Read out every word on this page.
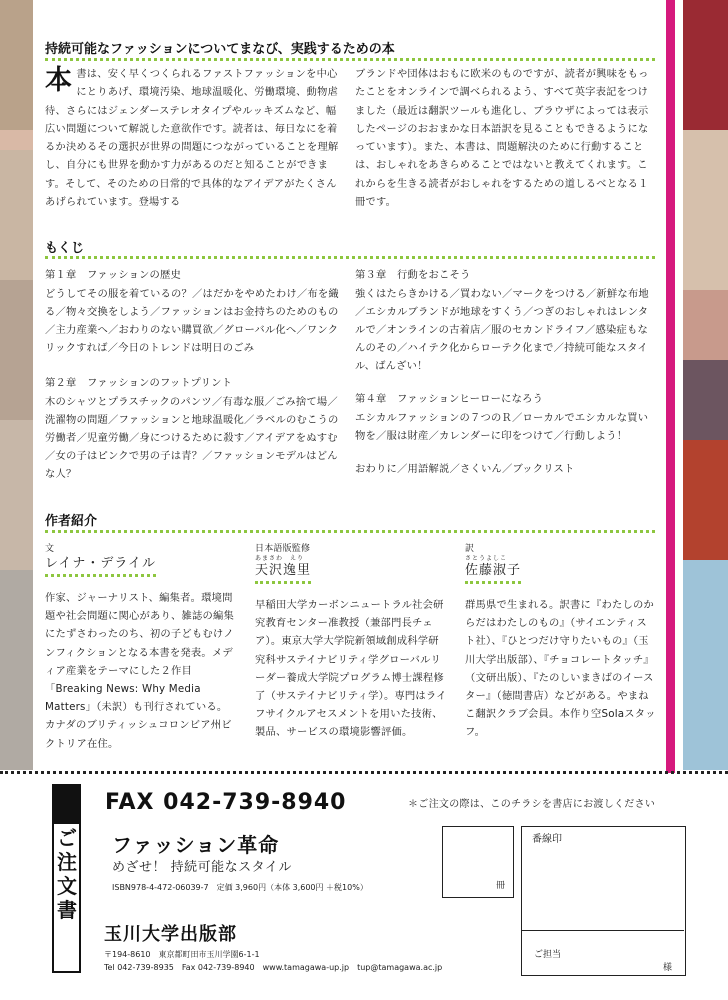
持続可能なファッションについてまなび、実践するための本
本書は、安く早くつくられるファストファッションを中心にとりあげ、環境汚染、地球温暖化、労働環境、動物虐待、さらにはジェンダーステレオタイプやルッキズムなど、幅広い問題について解説した意欲作です。読者は、毎日なにを着るか決めるその選択が世界の問題につながっていることを理解し、自分にも世界を動かす力があるのだと知ることができます。そして、そのための日常的で具体的なアイデアがたくさんあげられています。登場する
ブランドや団体はおもに欧米のものですが、読者が興味をもったことをオンラインで調べられるよう、すべて英字表記をつけました（最近は翻訳ツールも進化し、ブラウザによっては表示したページのおおまかな日本語訳を見ることもできるようになっています）。また、本書は、問題解決のために行動することは、おしゃれをあきらめることではないと教えてくれます。これからを生きる読者がおしゃれをするための道しるべとなる１冊です。
もくじ
第１章　ファッションの歴史
どうしてその服を着ているの？／はだかをやめたわけ／布を織る／物々交換をしよう／ファッションはお金持ちのためのもの／主力産業へ／おわりのない購買欲／グローバル化へ／ワンクリックすれば／今日のトレンドは明日のごみ
第２章　ファッションのフットプリント
木のシャツとプラスチックのパンツ／有毒な服／ごみ捨て場／洗濯物の問題／ファッションと地球温暖化／ラベルのむこうの労働者／児童労働／身につけるために殺す／アイデアをぬすむ／女の子はピンクで男の子は青？／ファッションモデルはどんな人？
第３章　行動をおこそう
強くはたらきかける／買わない／マークをつける／新鮮な布地／エシカルブランドが地球をすくう／つぎのおしゃれはレンタルで／オンラインの古着店／服のセカンドライフ／感染症もなんのその／ハイテク化からローテク化まで／持続可能なスタイル、ばんざい！
第４章　ファッションヒーローになろう
エシカルファッションの７つのＲ／ローカルでエシカルな買い物を／服は財産／カレンダーに印をつけて／行動しよう！
おわりに／用語解説／さくいん／ブックリスト
作者紹介
文
レイナ・デライル
作家、ジャーナリスト、編集者。環境問題や社会問題に関心があり、雑誌の編集にたずさわったのち、初の子どもむけノンフィクションとなる本書を発表。メディア産業をテーマにした２作目「Breaking News: Why Media Matters」（未訳）も刊行されている。カナダのブリティッシュコロンビア州ビクトリア在住。
日本語版監修
あまさわ　えり
天沢逸里
早稲田大学カーボンニュートラル社会研究教育センター准教授（兼部門長チェア）。東京大学大学院新領域創成科学研究科サステイナビリティ学グローバルリーダー養成大学院プログラム博士課程修了（サステイナビリティ学）。専門はライフサイクルアセスメントを用いた技術、製品、サービスの環境影響評価。
訳
さとうよしこ
佐藤淑子
群馬県で生まれる。訳書に『わたしのからだはわたしのもの』（サイエンティスト社）、『ひとつだけ守りたいもの』（玉川大学出版部）、『チョコレートタッチ』（文研出版）、『たのしいまきばのイースター』（徳間書店）などがある。やまねこ翻訳クラブ会員。本作り空Solaスタッフ。
ご注文書
FAX 042-739-8940	＊ご注文の際は、このチラシを書店にお渡しください
ファッション革命
めざせ！ 持続可能なスタイル
ISBN978-4-472-06039-7　定価 3,960円（本体 3,600円 ＋税10%）
玉川大学出版部
〒194-8610　東京都町田市玉川学園6-1-1
Tel 042-739-8935　Fax 042-739-8940　www.tamagawa-up.jp　tup@tamagawa.ac.jp
冊
番線印
ご担当
様
